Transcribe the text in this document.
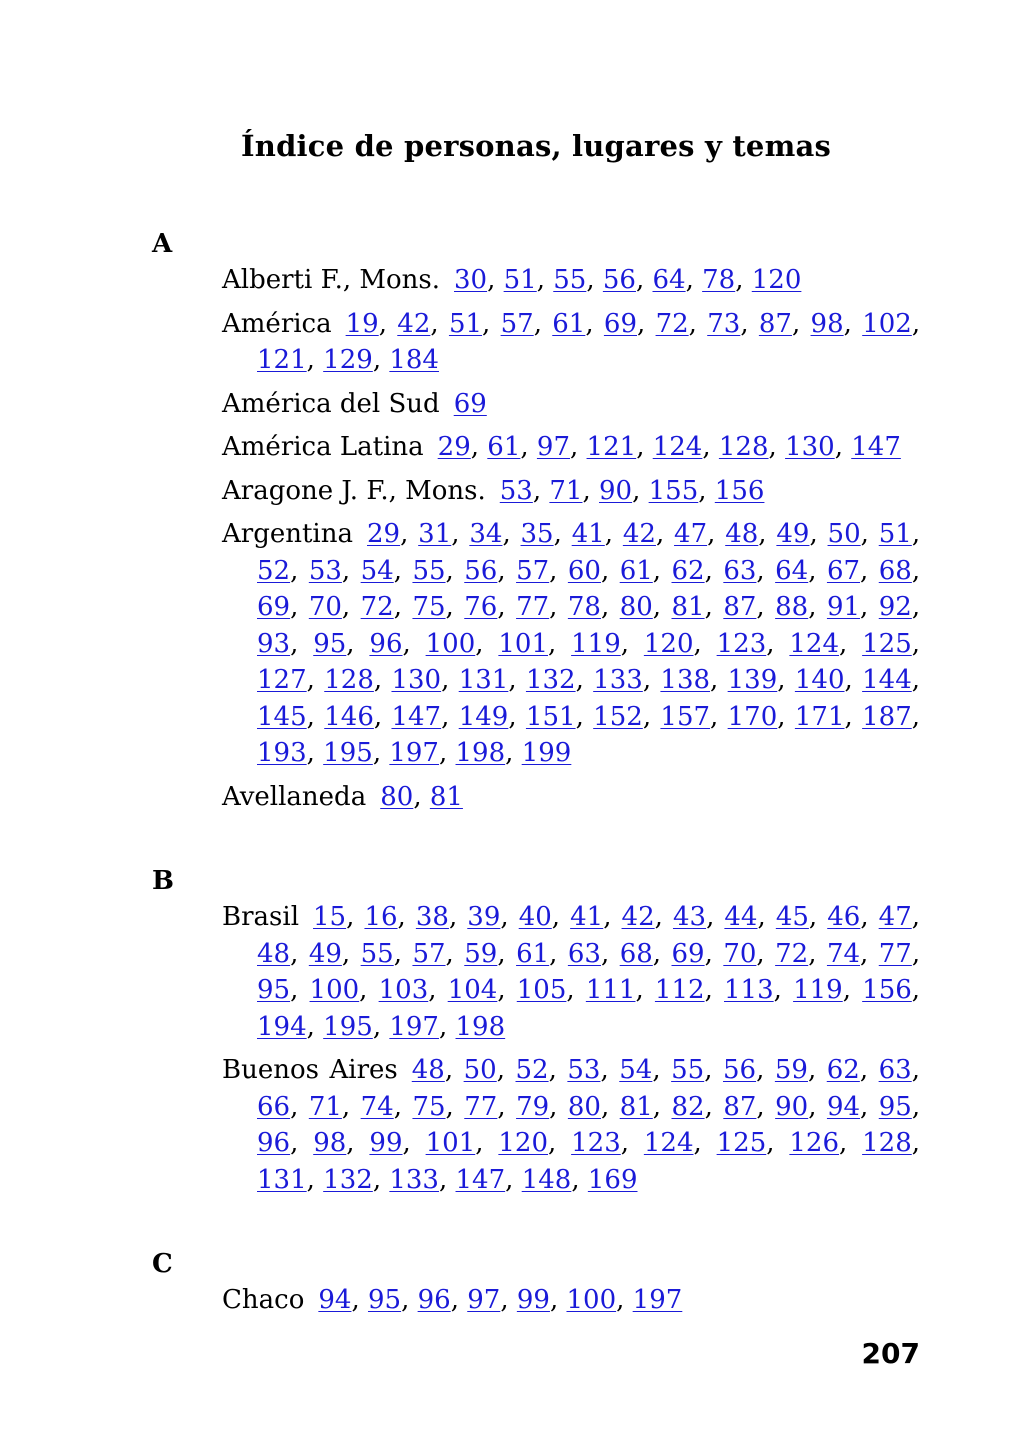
Índice de personas, lugares y temas
A
Alberti F., Mons. 30, 51, 55, 56, 64, 78, 120
América 19, 42, 51, 57, 61, 69, 72, 73, 87, 98, 102, 121, 129, 184
América del Sud 69
América Latina 29, 61, 97, 121, 124, 128, 130, 147
Aragone J. F., Mons. 53, 71, 90, 155, 156
Argentina 29, 31, 34, 35, 41, 42, 47, 48, 49, 50, 51, 52, 53, 54, 55, 56, 57, 60, 61, 62, 63, 64, 67, 68, 69, 70, 72, 75, 76, 77, 78, 80, 81, 87, 88, 91, 92, 93, 95, 96, 100, 101, 119, 120, 123, 124, 125, 127, 128, 130, 131, 132, 133, 138, 139, 140, 144, 145, 146, 147, 149, 151, 152, 157, 170, 171, 187, 193, 195, 197, 198, 199
Avellaneda 80, 81
B
Brasil 15, 16, 38, 39, 40, 41, 42, 43, 44, 45, 46, 47, 48, 49, 55, 57, 59, 61, 63, 68, 69, 70, 72, 74, 77, 95, 100, 103, 104, 105, 111, 112, 113, 119, 156, 194, 195, 197, 198
Buenos Aires 48, 50, 52, 53, 54, 55, 56, 59, 62, 63, 66, 71, 74, 75, 77, 79, 80, 81, 82, 87, 90, 94, 95, 96, 98, 99, 101, 120, 123, 124, 125, 126, 128, 131, 132, 133, 147, 148, 169
C
Chaco 94, 95, 96, 97, 99, 100, 197
207
